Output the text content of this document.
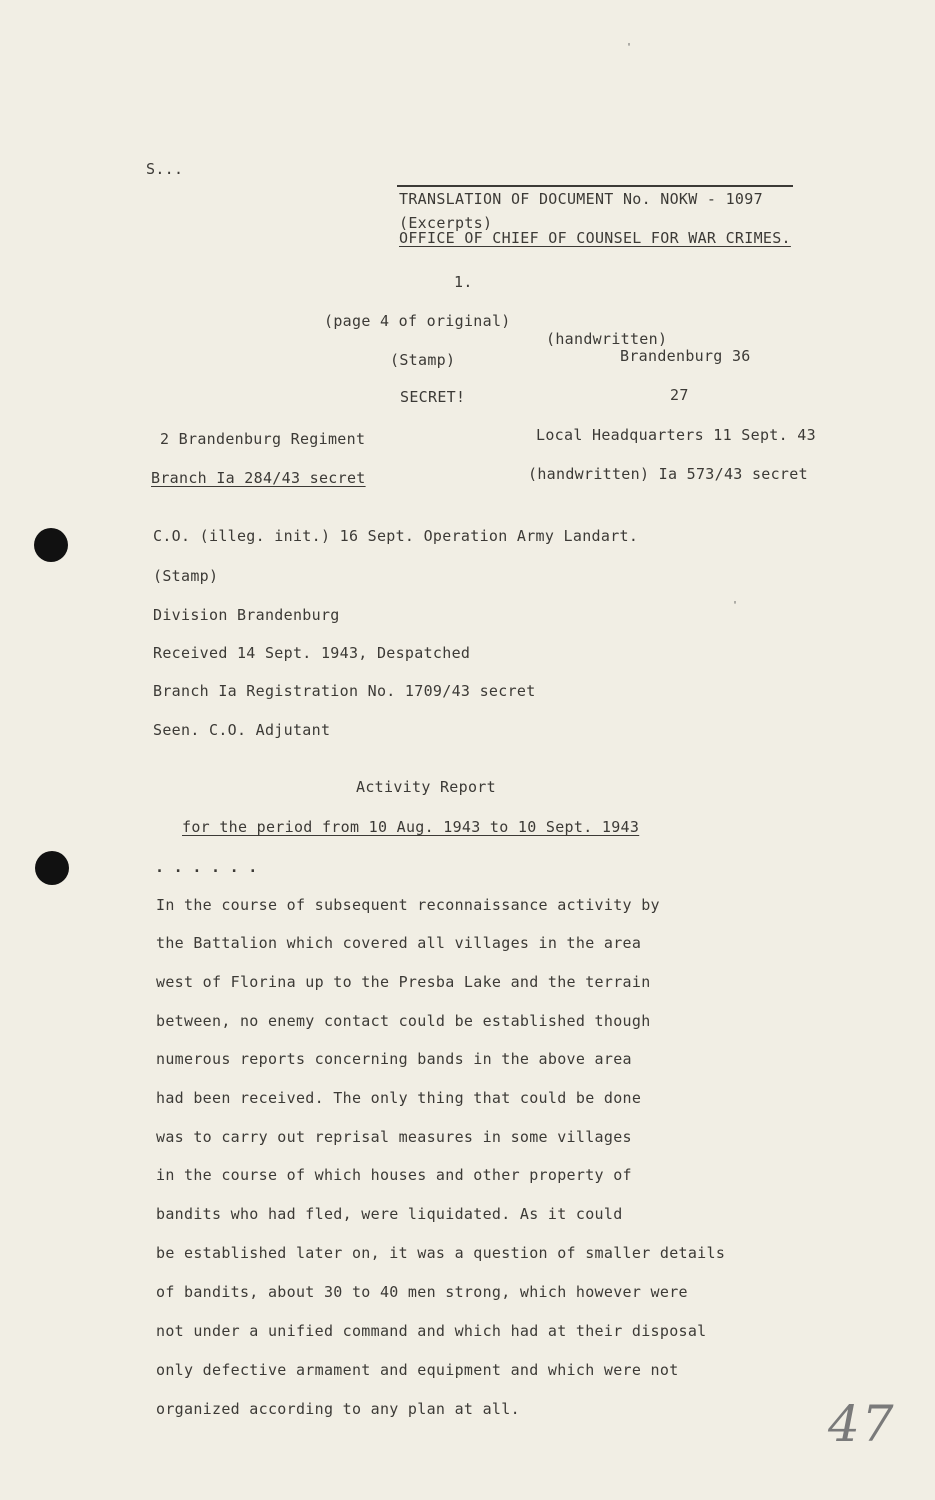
'
'
S...
TRANSLATION OF DOCUMENT No. NOKW - 1097
(Excerpts)
OFFICE OF CHIEF OF COUNSEL FOR WAR CRIMES.
1.
(page 4 of original)
(handwritten)
(Stamp)	Brandenburg 36
SECRET!	27
2 Brandenburg Regiment	Local Headquarters 11 Sept. 43
Branch Ia 284/43 secret	(handwritten) Ia 573/43 secret
C.O. (illeg. init.) 16 Sept. Operation Army Landart.
(Stamp)
Division Brandenburg
Received 14 Sept. 1943, Despatched
Branch Ia Registration No. 1709/43 secret
Seen. C.O. Adjutant
Activity Report
for the period from 10 Aug. 1943 to 10 Sept. 1943
. . . . . .
In the course of subsequent reconnaissance activity by
the Battalion which covered all villages in the area
west of Florina up to the Presba Lake and the terrain
between, no enemy contact could be established though
numerous reports concerning bands in the above area
had been received. The only thing that could be done
was to carry out reprisal measures in some villages
in the course of which houses and other property of
bandits who had fled, were liquidated. As it could
be established later on, it was a question of smaller details
of bandits, about 30 to 40 men strong, which however were
not under a unified command and which had at their disposal
only defective armament and equipment and which were not
organized according to any plan at all.	47
